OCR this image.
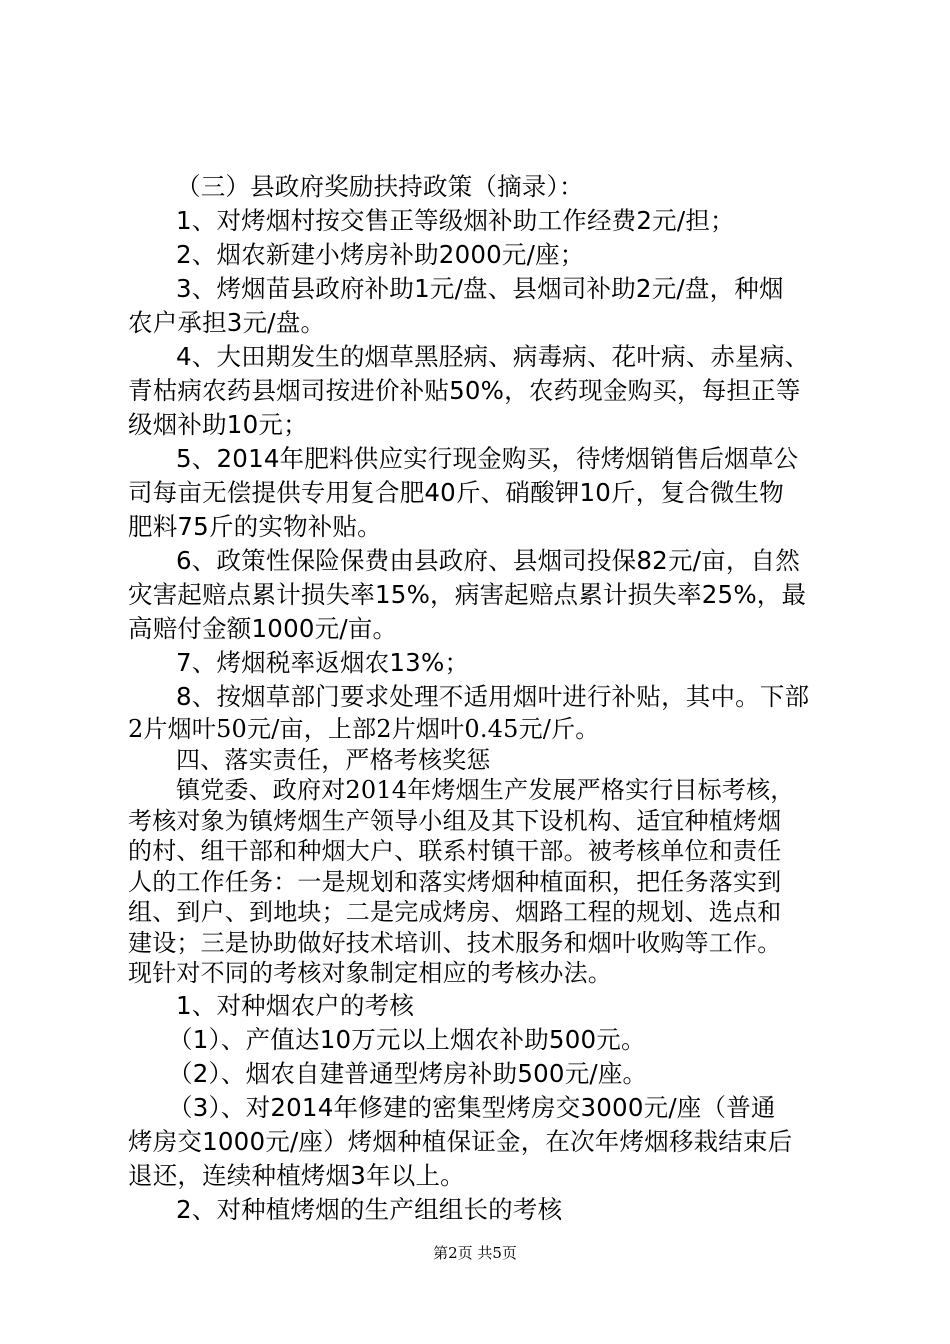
（三）县政府奖励扶持政策（摘录）：
1、对烤烟村按交售正等级烟补助工作经费2元/担；
2、烟农新建小烤房补助2000元/座；
3、烤烟苗县政府补助1元/盘、县烟司补助2元/盘，种烟
农户承担3元/盘。
4、大田期发生的烟草黑胫病、病毒病、花叶病、赤星病、
青枯病农药县烟司按进价补贴50%，农药现金购买，每担正等
级烟补助10元；
5、2014年肥料供应实行现金购买，待烤烟销售后烟草公
司每亩无偿提供专用复合肥40斤、硝酸钾10斤，复合微生物
肥料75斤的实物补贴。
6、政策性保险保费由县政府、县烟司投保82元/亩，自然
灾害起赔点累计损失率15%，病害起赔点累计损失率25%，最
高赔付金额1000元/亩。
7、烤烟税率返烟农13%；
8、按烟草部门要求处理不适用烟叶进行补贴，其中。下部
2片烟叶50元/亩，上部2片烟叶0.45元/斤。
四、落实责任，严格考核奖惩
镇党委、政府对2014年烤烟生产发展严格实行目标考核，
考核对象为镇烤烟生产领导小组及其下设机构、适宜种植烤烟
的村、组干部和种烟大户、联系村镇干部。被考核单位和责任
人的工作任务：一是规划和落实烤烟种植面积，把任务落实到
组、到户、到地块；二是完成烤房、烟路工程的规划、选点和
建设；三是协助做好技术培训、技术服务和烟叶收购等工作。
现针对不同的考核对象制定相应的考核办法。
1、对种烟农户的考核
（1）、产值达10万元以上烟农补助500元。
（2）、烟农自建普通型烤房补助500元/座。
（3）、对2014年修建的密集型烤房交3000元/座（普通
烤房交1000元/座）烤烟种植保证金，在次年烤烟移栽结束后
退还，连续种植烤烟3年以上。
2、对种植烤烟的生产组组长的考核
第2页 共5页
